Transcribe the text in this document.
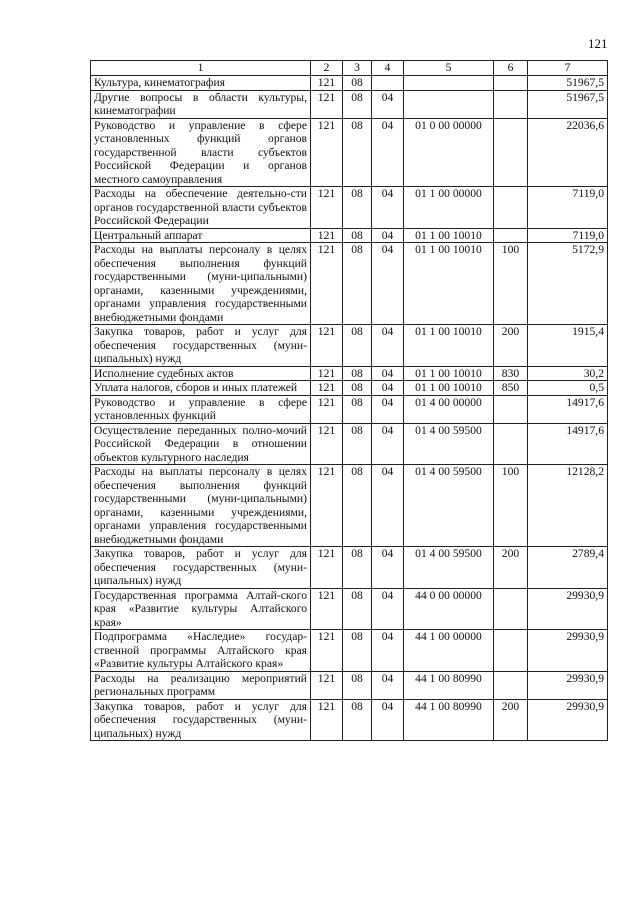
121
1	2	3	4	5	6	7
Культура, кинематография	121	08				51967,5
Другие вопросы в области культуры, кинематографии	121	08	04			51967,5
Руководство и управление в сфере установленных функций органов государственной власти субъектов Российской Федерации и органов местного самоуправления	121	08	04	01 0 00 00000		22036,6
Расходы на обеспечение деятельно-сти органов государственной власти субъектов Российской Федерации	121	08	04	01 1 00 00000		7119,0
Центральный аппарат	121	08	04	01 1 00 10010		7119,0
Расходы на выплаты персоналу в целях обеспечения выполнения функций государственными (муни-ципальными) органами, казенными учреждениями, органами управления государственными внебюджетными фондами	121	08	04	01 1 00 10010	100	5172,9
Закупка товаров, работ и услуг для обеспечения государственных (муни-ципальных) нужд	121	08	04	01 1 00 10010	200	1915,4
Исполнение судебных актов	121	08	04	01 1 00 10010	830	30,2
Уплата налогов, сборов и иных платежей	121	08	04	01 1 00 10010	850	0,5
Руководство и управление в сфере установленных функций	121	08	04	01 4 00 00000		14917,6
Осуществление переданных полно-мочий Российской Федерации в отношении объектов культурного наследия	121	08	04	01 4 00 59500		14917,6
Расходы на выплаты персоналу в целях обеспечения выполнения функций государственными (муни-ципальными) органами, казенными учреждениями, органами управления государственными внебюджетными фондами	121	08	04	01 4 00 59500	100	12128,2
Закупка товаров, работ и услуг для обеспечения государственных (муни-ципальных) нужд	121	08	04	01 4 00 59500	200	2789,4
Государственная программа Алтай-ского края «Развитие культуры Алтайского края»	121	08	04	44 0 00 00000		29930,9
Подпрограмма «Наследие» государ-ственной программы Алтайского края «Развитие культуры Алтайского края»	121	08	04	44 1 00 00000		29930,9
Расходы на реализацию мероприятий региональных программ	121	08	04	44 1 00 80990		29930,9
Закупка товаров, работ и услуг для обеспечения государственных (муни-ципальных) нужд	121	08	04	44 1 00 80990	200	29930,9
